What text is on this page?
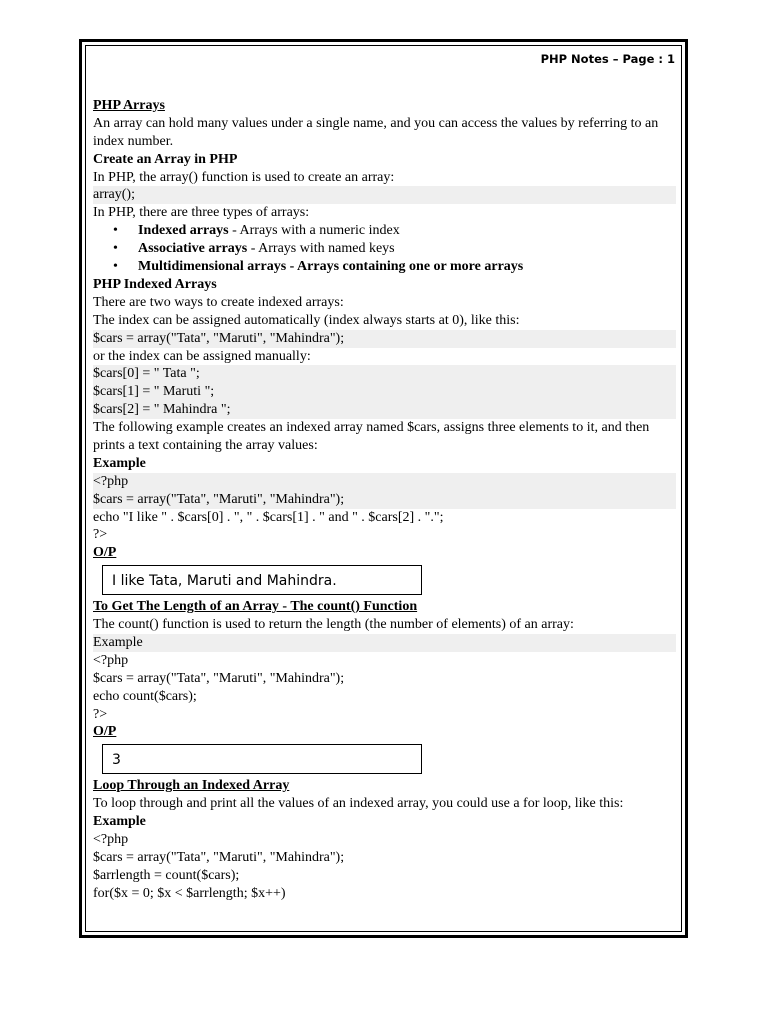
PHP Notes – Page : 1
PHP Arrays
An array can hold many values under a single name, and you can access the values by referring to an index number.
Create an Array in PHP
In PHP, the array() function is used to create an array:
array();
In PHP, there are three types of arrays:
• Indexed arrays - Arrays with a numeric index
• Associative arrays - Arrays with named keys
• Multidimensional arrays - Arrays containing one or more arrays
PHP Indexed Arrays
There are two ways to create indexed arrays:
The index can be assigned automatically (index always starts at 0), like this:
$cars = array("Tata", "Maruti", "Mahindra");
or the index can be assigned manually:
$cars[0] = " Tata ";
$cars[1] = " Maruti ";
$cars[2] = " Mahindra ";
The following example creates an indexed array named $cars, assigns three elements to it, and then prints a text containing the array values:
Example
<?php
$cars = array("Tata", "Maruti", "Mahindra");
echo "I like " . $cars[0] . ", " . $cars[1] . " and " . $cars[2] . ".";
?>
O/P
I like Tata, Maruti and Mahindra.
To Get The Length of an Array - The count() Function
The count() function is used to return the length (the number of elements) of an array:
Example
<?php
$cars = array("Tata", "Maruti", "Mahindra");
echo count($cars);
?>
O/P
3
Loop Through an Indexed Array
To loop through and print all the values of an indexed array, you could use a for loop, like this:
Example
<?php
$cars = array("Tata", "Maruti", "Mahindra");
$arrlength = count($cars);
for($x = 0; $x < $arrlength; $x++)
